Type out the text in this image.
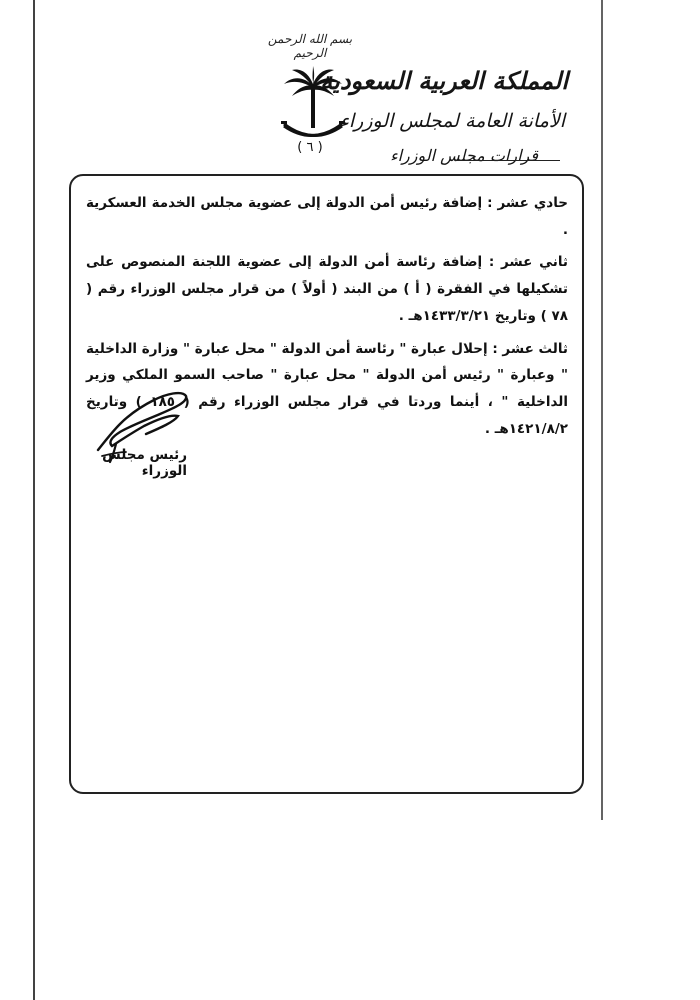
بسم الله الرحمن الرحيم
( ٦ )
المملكة العربية السعودية
الأمانة العامة لمجلس الوزراء
قرارات مجلس الوزراء

حادي عشر : إضافة رئيس أمن الدولة إلى عضوية مجلس الخدمة العسكرية .

ثاني عشر : إضافة رئاسة أمن الدولة إلى عضوية اللجنة المنصوص على تشكيلها في الفقرة ( أ ) من البند ( أولاً ) من قرار مجلس الوزراء رقم ( ٧٨ ) وتاريخ ١٤٣٣/٣/٢١هـ .

ثالث عشر : إحلال عبارة " رئاسة أمن الدولة " محل عبارة " وزارة الداخلية " وعبارة " رئيس أمن الدولة " محل عبارة " صاحب السمو الملكي وزير الداخلية " ، أينما وردتا في قرار مجلس الوزراء رقم ( ١٨٥ ) وتاريخ ١٤٢١/٨/٢هـ .

رئيس مجلس الوزراء
